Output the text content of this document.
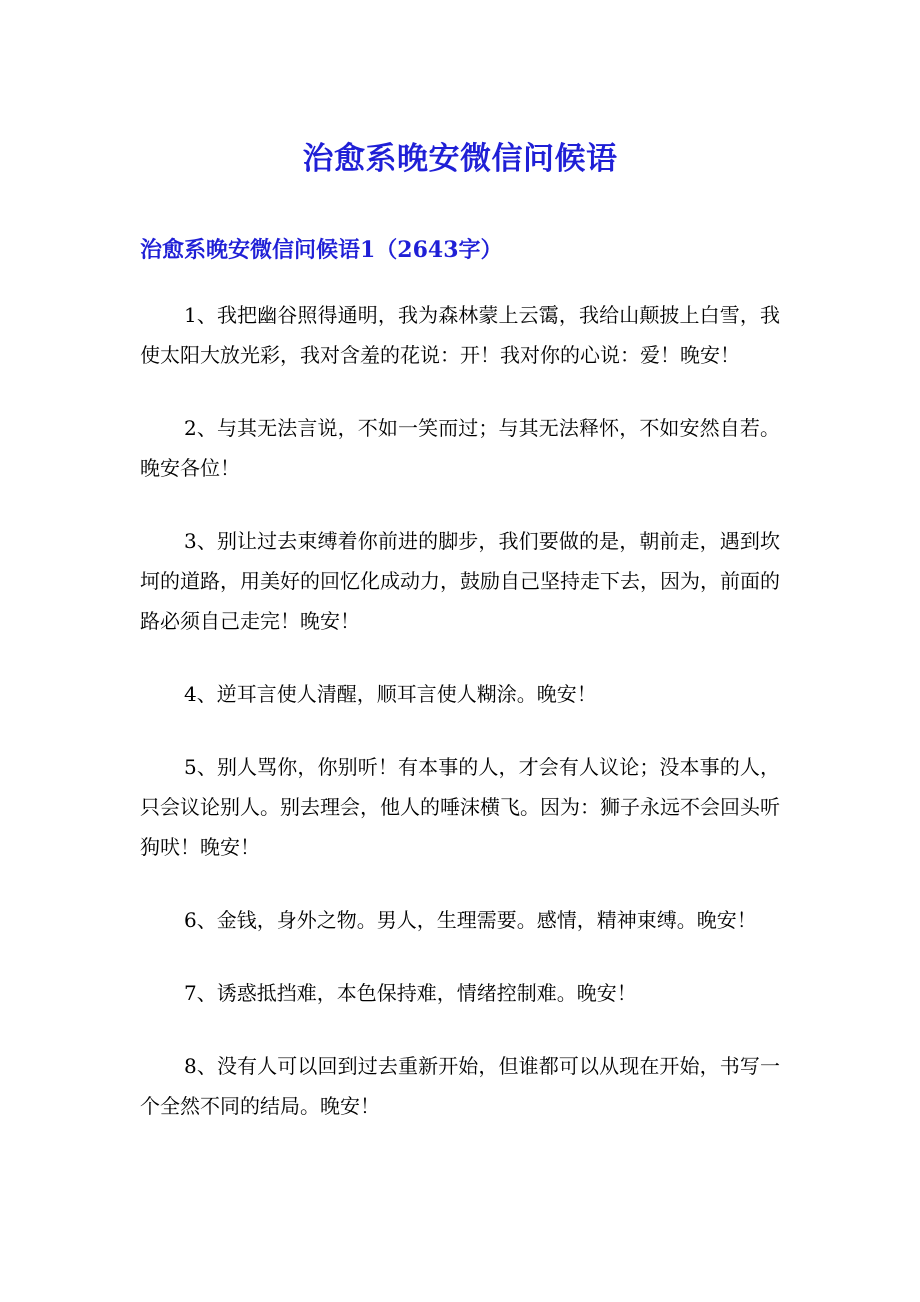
治愈系晚安微信问候语
治愈系晚安微信问候语1（2643字）

1、我把幽谷照得通明，我为森林蒙上云霭，我给山颠披上白雪，我使太阳大放光彩，我对含羞的花说：开！我对你的心说：爱！晚安！

2、与其无法言说，不如一笑而过；与其无法释怀，不如安然自若。晚安各位！

3、别让过去束缚着你前进的脚步，我们要做的是，朝前走，遇到坎坷的道路，用美好的回忆化成动力，鼓励自己坚持走下去，因为，前面的路必须自己走完！晚安！

4、逆耳言使人清醒，顺耳言使人糊涂。晚安！

5、别人骂你，你别听！有本事的人，才会有人议论；没本事的人，只会议论别人。别去理会，他人的唾沫横飞。因为：狮子永远不会回头听狗吠！晚安！

6、金钱，身外之物。男人，生理需要。感情，精神束缚。晚安！

7、诱惑抵挡难，本色保持难，情绪控制难。晚安！

8、没有人可以回到过去重新开始，但谁都可以从现在开始，书写一个全然不同的结局。晚安！
